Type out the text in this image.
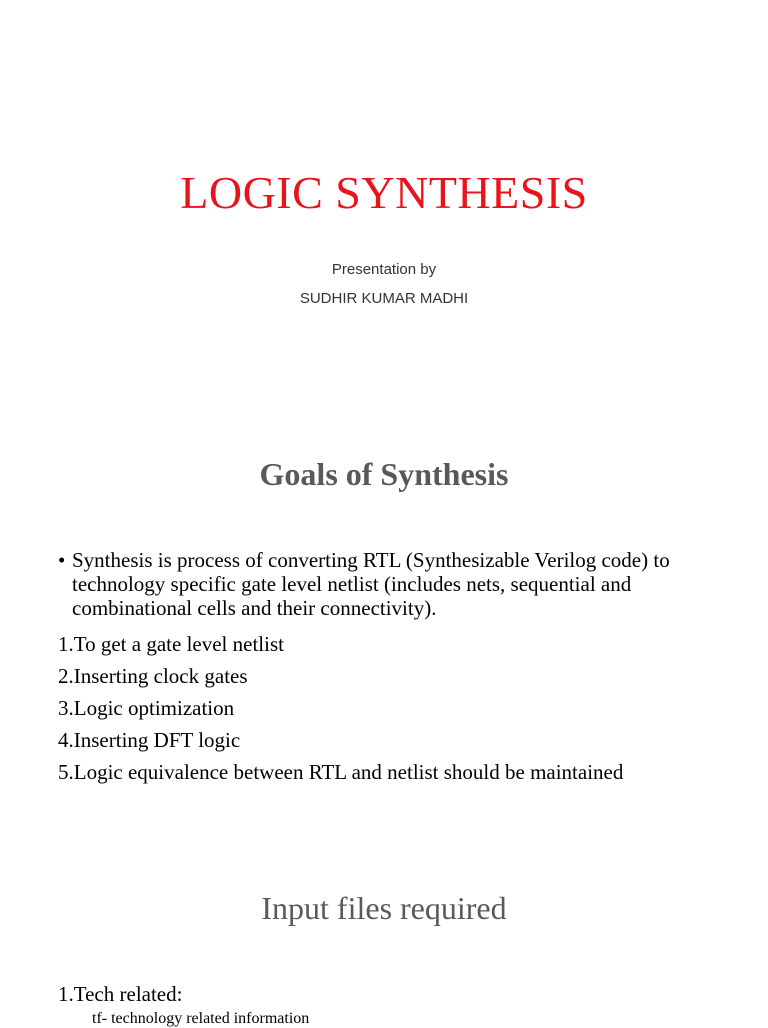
LOGIC SYNTHESIS
Presentation by
SUDHIR KUMAR MADHI
Goals of Synthesis
• Synthesis is process of converting RTL (Synthesizable Verilog code) to technology specific gate level netlist (includes nets, sequential and combinational cells and their connectivity).
1.To get a gate level netlist
2.Inserting clock gates
3.Logic optimization
4.Inserting DFT logic
5.Logic equivalence between RTL and netlist should be maintained
Input files required
1.Tech related:
tf- technology related information
